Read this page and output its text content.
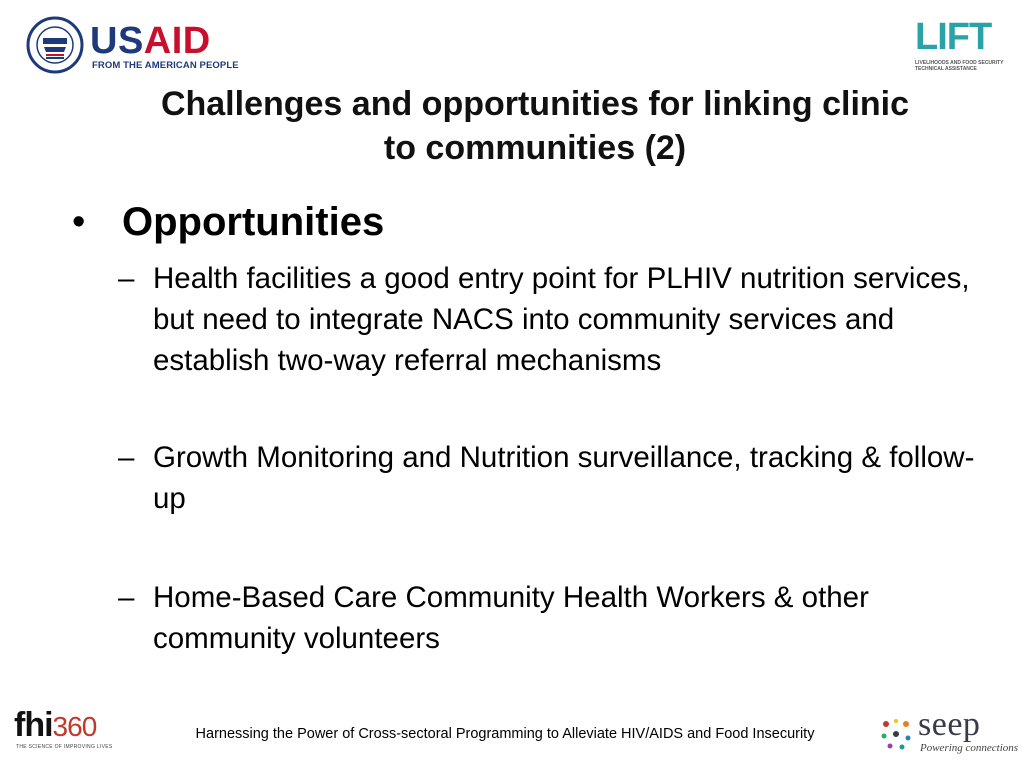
USAID
FROM THE AMERICAN PEOPLE
LIFT
LIVELIHOODS AND FOOD SECURITY TECHNICAL ASSISTANCE
Challenges and opportunities for linking clinic
to communities (2)
• Opportunities
– Health facilities a good entry point for PLHIV nutrition services, but need to integrate NACS into community services and establish two-way referral mechanisms
– Growth Monitoring and Nutrition surveillance, tracking & follow-up
– Home-Based Care Community Health Workers & other community volunteers
fhi360
THE SCIENCE OF IMPROVING LIVES
Harnessing the Power of Cross-sectoral Programming to Alleviate HIV/AIDS and Food Insecurity	seep
Powering connections
